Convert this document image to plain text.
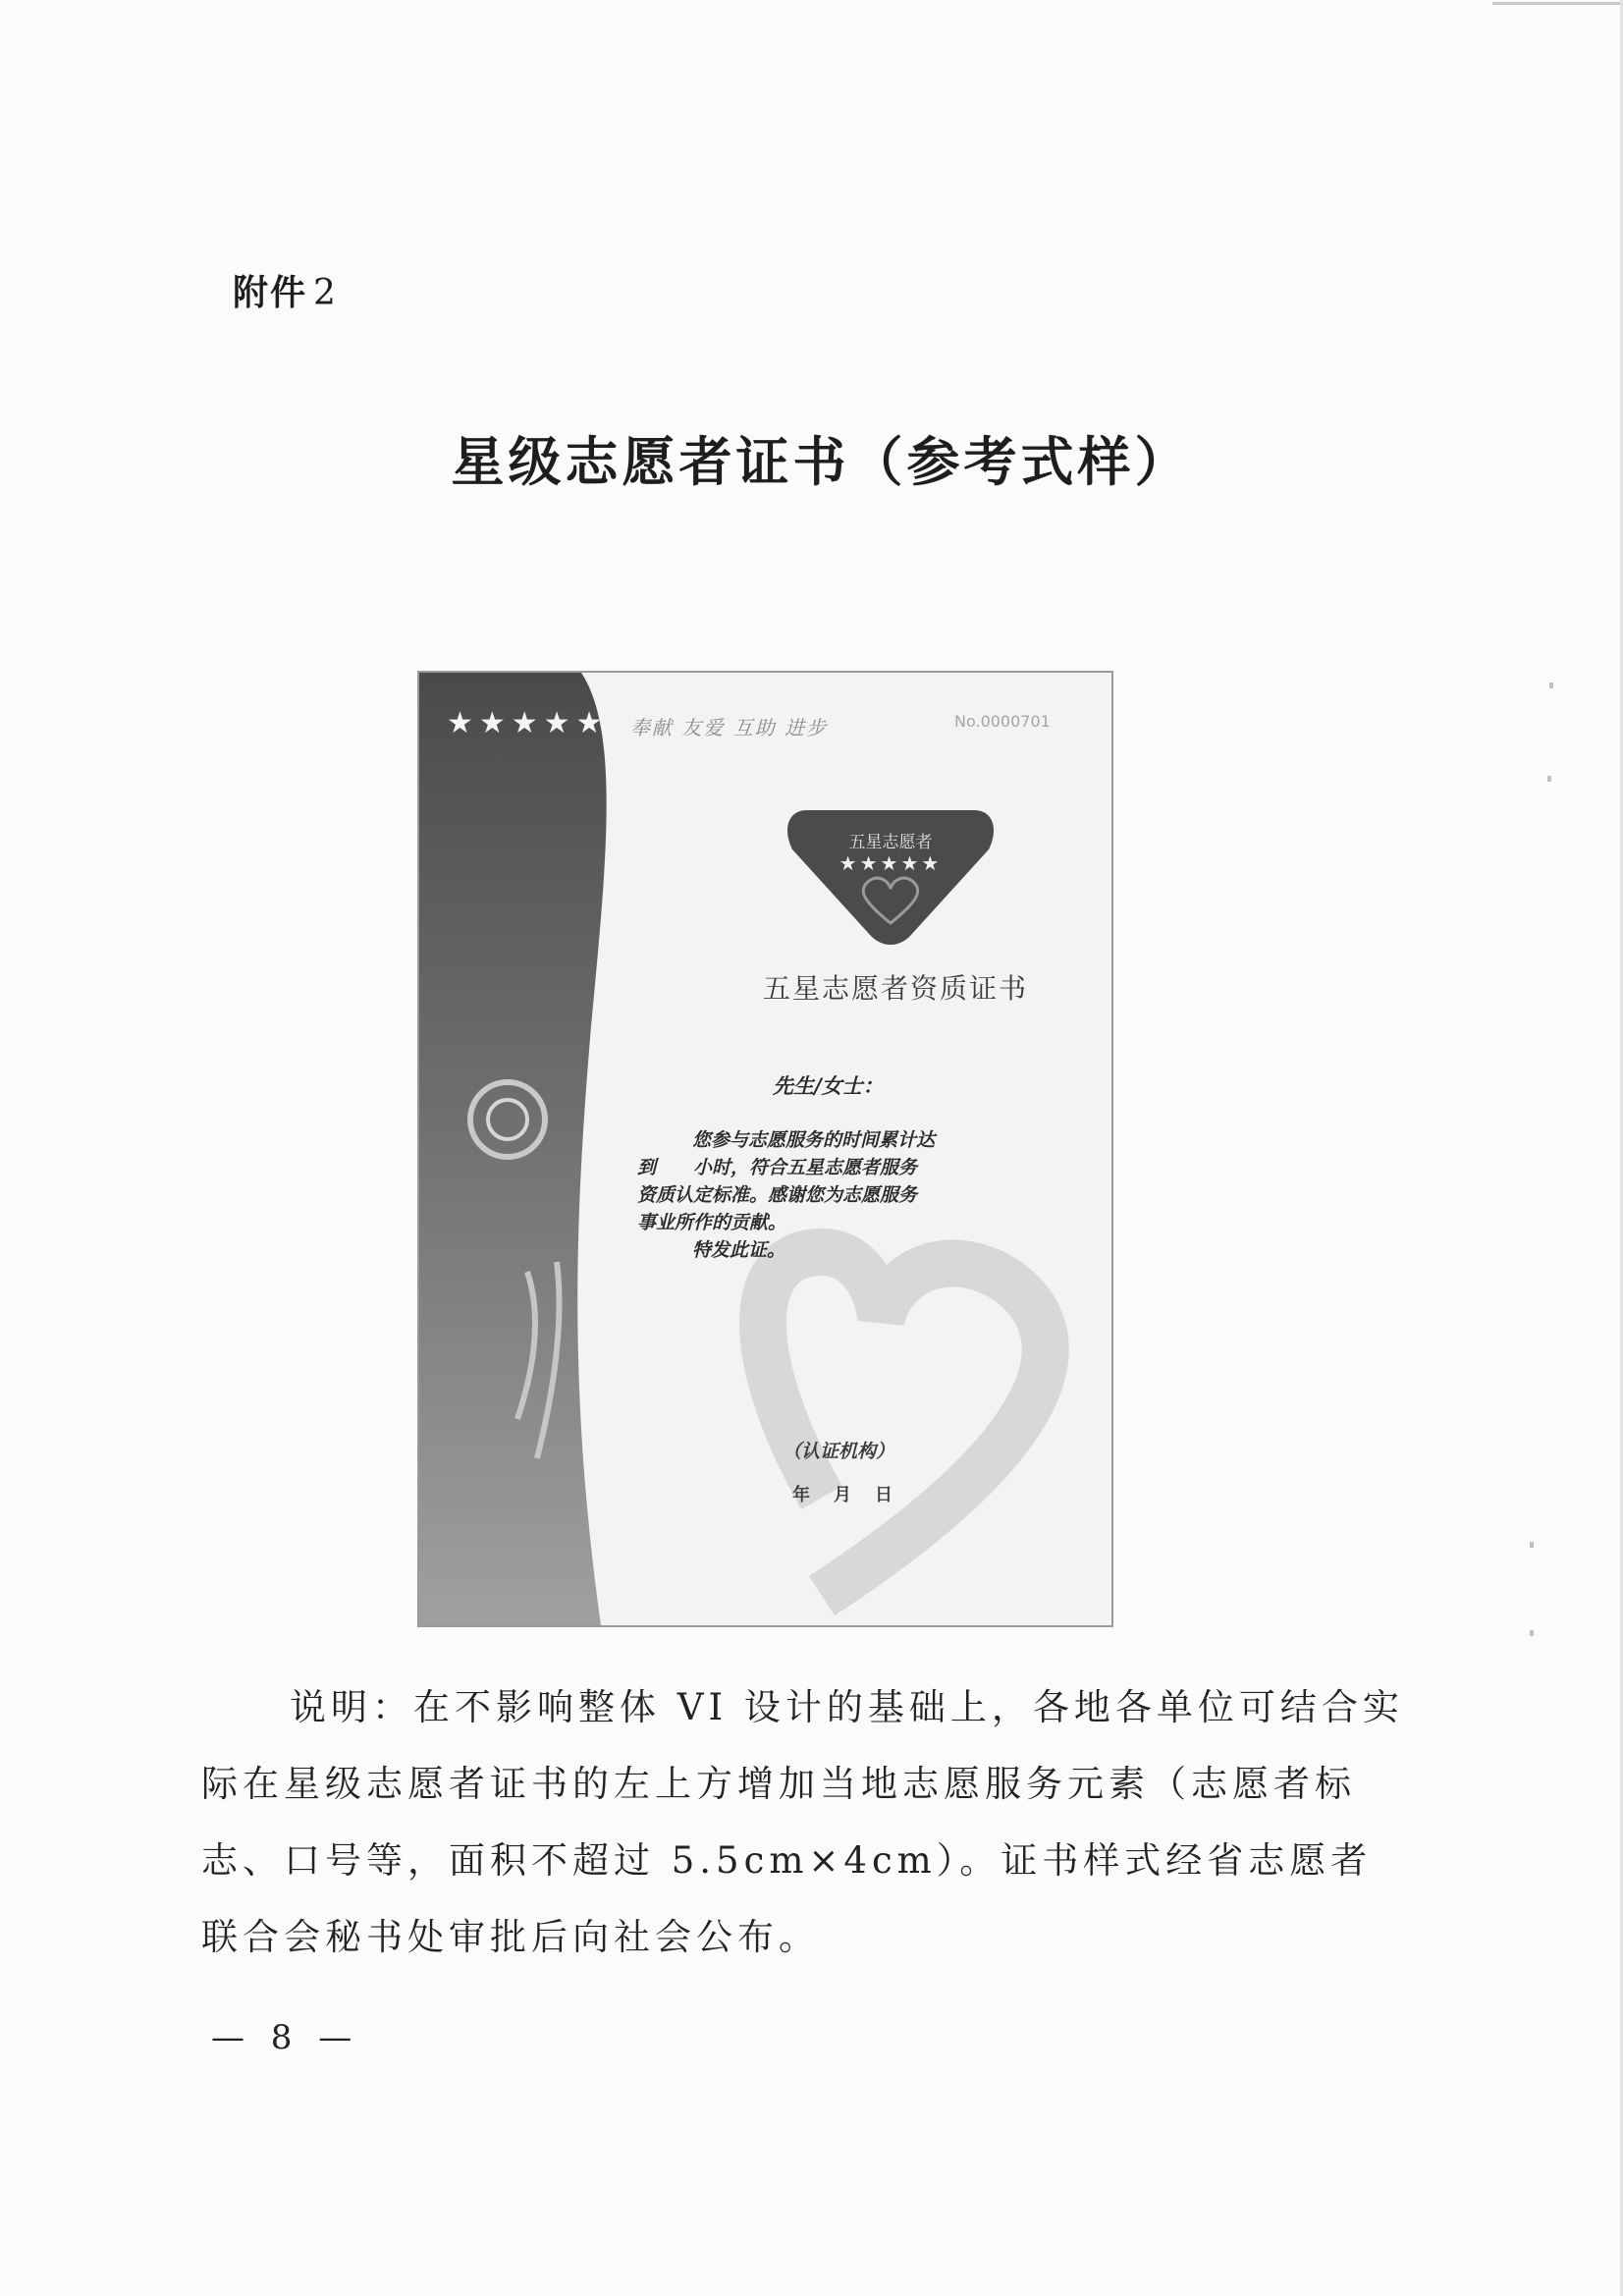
附件 2
星级志愿者证书（参考式样）
★★★★★ 奉献 友爱 互助 进步	No.0000701
五星志愿者
★★★★★
五星志愿者资质证书
先生/女士：

您参与志愿服务的时间累计达

到　　小时，符合五星志愿者服务

资质认定标准。感谢您为志愿服务

事业所作的贡献。

特发此证。

（认证机构）
年月日

说明：在不影响整体 VI 设计的基础上，各地各单位可结合实际在星级志愿者证书的左上方增加当地志愿服务元素（志愿者标志、口号等，面积不超过 5.5cm×4cm）。证书样式经省志愿者联合会秘书处审批后向社会公布。

— 8 —
